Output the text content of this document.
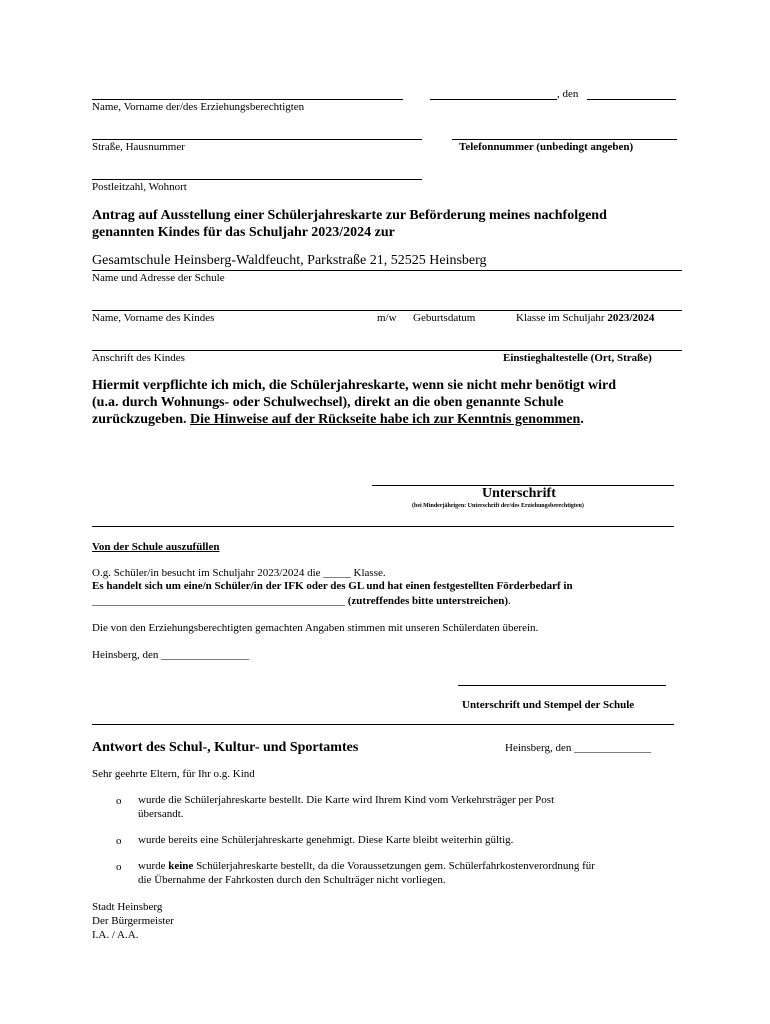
, den
Name, Vorname der/des Erziehungsberechtigten
Straße, Hausnummer	Telefonnummer (unbedingt angeben)
Postleitzahl, Wohnort
Antrag auf Ausstellung einer Schülerjahreskarte zur Beförderung meines nachfolgend
genannten Kindes für das Schuljahr 2023/2024 zur
Gesamtschule Heinsberg-Waldfeucht, Parkstraße 21, 52525 Heinsberg
Name und Adresse der Schule
Name, Vorname des Kindes	m/w Geburtsdatum	Klasse im Schuljahr 2023/2024
Anschrift des Kindes	Einstieghaltestelle (Ort, Straße)
Hiermit verpflichte ich mich, die Schülerjahreskarte, wenn sie nicht mehr benötigt wird
(u.a. durch Wohnungs- oder Schulwechsel), direkt an die oben genannte Schule
zurückzugeben. Die Hinweise auf der Rückseite habe ich zur Kenntnis genommen.
Unterschrift
(bei Minderjährigen: Unterschrift der/des Erziehungsberechtigten)
Von der Schule auszufüllen
O.g. Schüler/in besucht im Schuljahr 2023/2024 die _____ Klasse.
Es handelt sich um eine/n Schüler/in der IFK oder des GL und hat einen festgestellten Förderbedarf in
______________________________________________ (zutreffendes bitte unterstreichen).
Die von den Erziehungsberechtigten gemachten Angaben stimmen mit unseren Schülerdaten überein.
Heinsberg, den ________________
Unterschrift und Stempel der Schule
Antwort des Schul-, Kultur- und Sportamtes	Heinsberg, den ______________
Sehr geehrte Eltern, für Ihr o.g. Kind
o wurde die Schülerjahreskarte bestellt. Die Karte wird Ihrem Kind vom Verkehrsträger per Post
übersandt.
o wurde bereits eine Schülerjahreskarte genehmigt. Diese Karte bleibt weiterhin gültig.
o wurde keine Schülerjahreskarte bestellt, da die Voraussetzungen gem. Schülerfahrkostenverordnung für
die Übernahme der Fahrkosten durch den Schulträger nicht vorliegen.
Stadt Heinsberg
Der Bürgermeister
I.A. / A.A.
